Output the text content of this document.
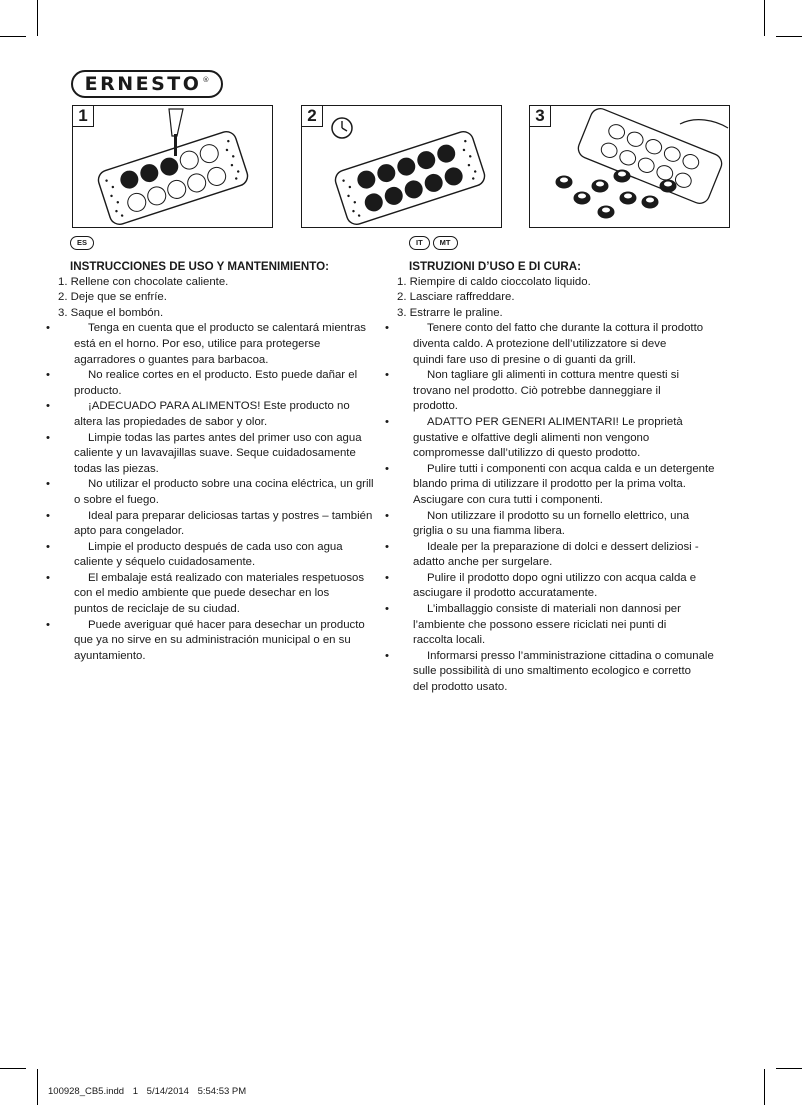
ERNESTO®
1	2	3
ES	IT	MT
INSTRUCCIONES DE USO Y MANTENIMIENTO:
1. Rellene con chocolate caliente.
2. Deje que se enfríe.
3. Saque el bombón.
•	Tenga en cuenta que el producto se calentará mientras
está en el horno. Por eso, utilice para protegerse
agarradores o guantes para barbacoa.
•	No realice cortes en el producto. Esto puede dañar el
producto.
•	¡ADECUADO PARA ALIMENTOS! Este producto no
altera las propiedades de sabor y olor.
•	Limpie todas las partes antes del primer uso con agua
caliente y un lavavajillas suave. Seque cuidadosamente
todas las piezas.
•	No utilizar el producto sobre una cocina eléctrica, un grill
o sobre el fuego.
•	Ideal para preparar deliciosas tartas y postres – también
apto para congelador.
•	Limpie el producto después de cada uso con agua
caliente y séquelo cuidadosamente.
•	El embalaje está realizado con materiales respetuosos
con el medio ambiente que puede desechar en los
puntos de reciclaje de su ciudad.
•	Puede averiguar qué hacer para desechar un producto
que ya no sirve en su administración municipal o en su
ayuntamiento.
ISTRUZIONI D’USO E DI CURA:
1. Riempire di caldo cioccolato liquido.
2. Lasciare raffreddare.
3. Estrarre le praline.
•	Tenere conto del fatto che durante la cottura il prodotto
diventa caldo. A protezione dell’utilizzatore si deve
quindi fare uso di presine o di guanti da grill.
•	Non tagliare gli alimenti in cottura mentre questi si
trovano nel prodotto. Ciò potrebbe danneggiare il
prodotto.
•	ADATTO PER GENERI ALIMENTARI! Le proprietà
gustative e olfattive degli alimenti non vengono
compromesse dall’utilizzo di questo prodotto.
•	Pulire tutti i componenti con acqua calda e un detergente
blando prima di utilizzare il prodotto per la prima volta.
Asciugare con cura tutti i componenti.
•	Non utilizzare il prodotto su un fornello elettrico, una
griglia o su una fiamma libera.
•	Ideale per la preparazione di dolci e dessert deliziosi -
adatto anche per surgelare.
•	Pulire il prodotto dopo ogni utilizzo con acqua calda e
asciugare il prodotto accuratamente.
•	L’imballaggio consiste di materiali non dannosi per
l’ambiente che possono essere riciclati nei punti di
raccolta locali.
•	Informarsi presso l’amministrazione cittadina o comunale
sulle possibilità di uno smaltimento ecologico e corretto
del prodotto usato.
100928_CB5.indd 1 5/14/2014 5:54:53 PM
